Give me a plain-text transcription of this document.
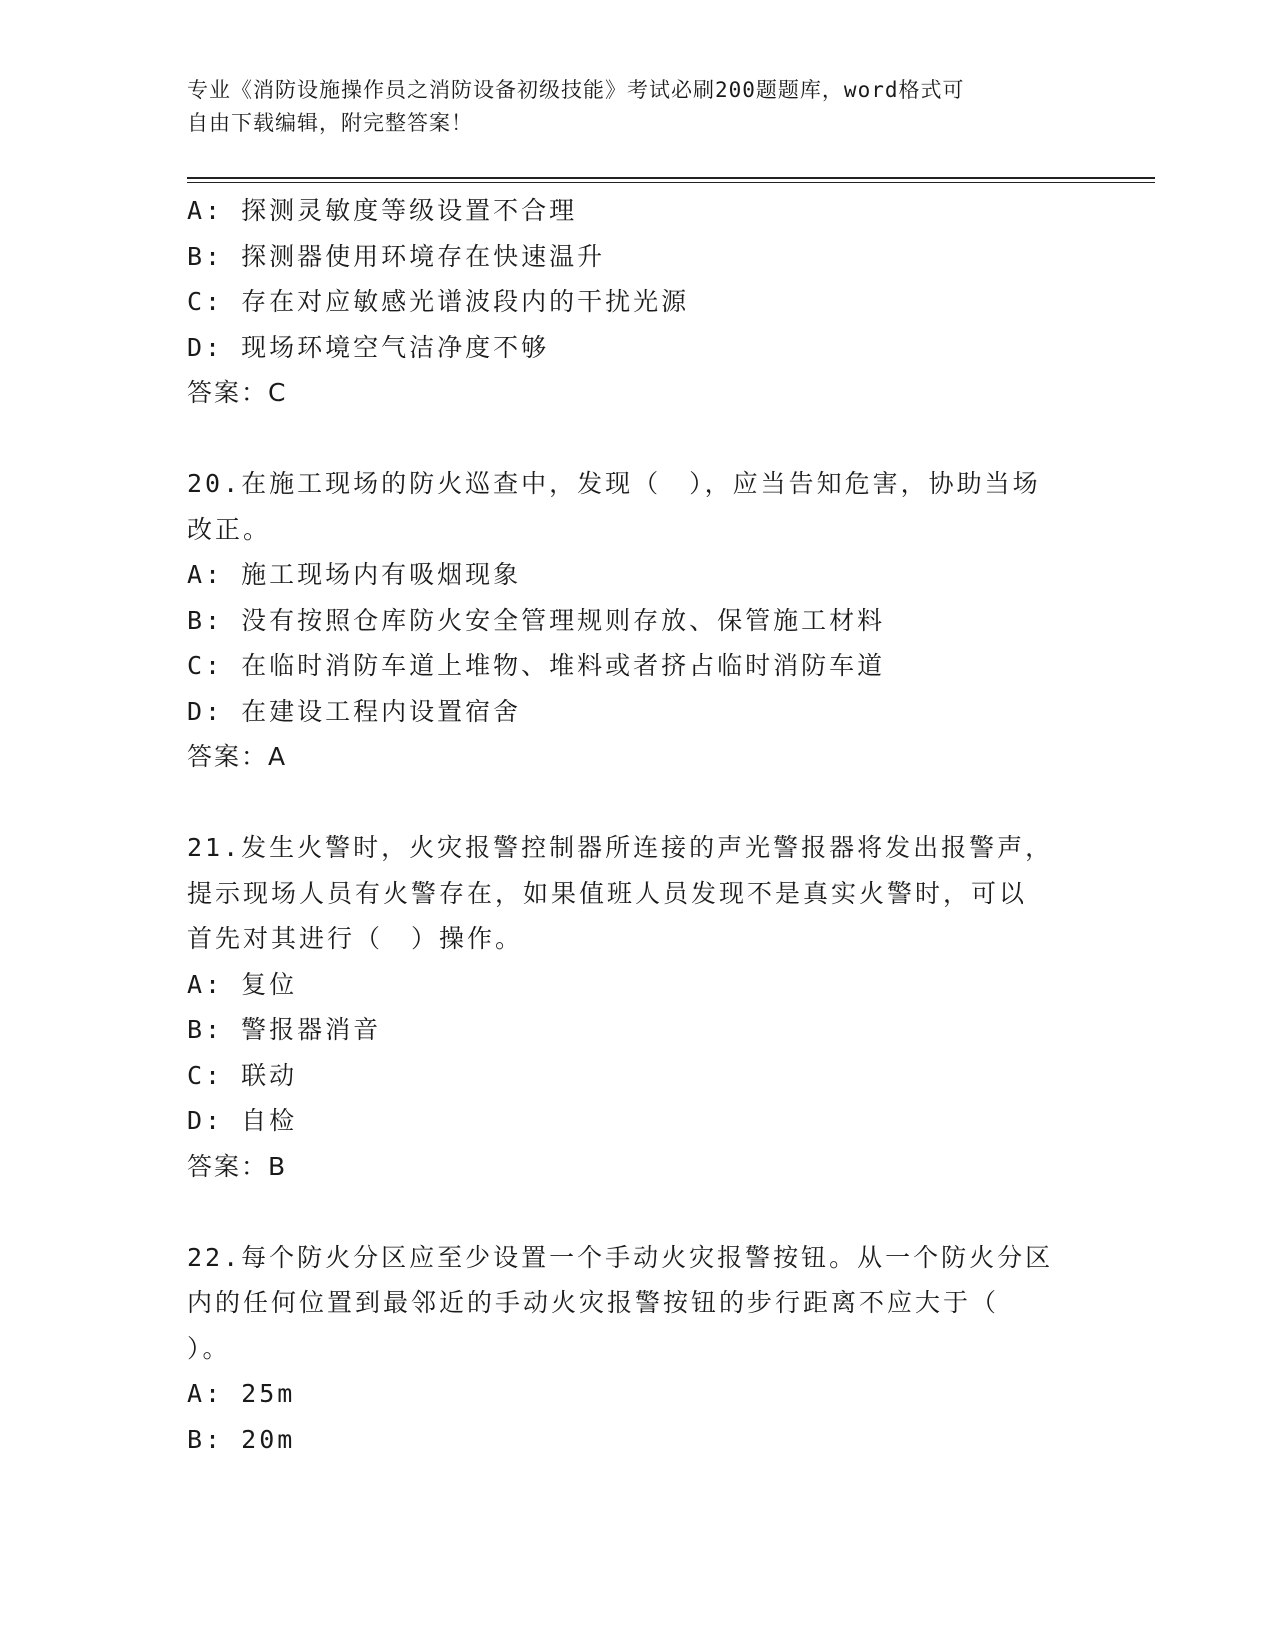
专业《消防设施操作员之消防设备初级技能》考试必刷200题题库，word格式可
自由下载编辑，附完整答案！
A: 探测灵敏度等级设置不合理
B: 探测器使用环境存在快速温升
C: 存在对应敏感光谱波段内的干扰光源
D: 现场环境空气洁净度不够
答案：C
20.在施工现场的防火巡查中，发现（　），应当告知危害，协助当场
改正。
A: 施工现场内有吸烟现象
B: 没有按照仓库防火安全管理规则存放、保管施工材料
C: 在临时消防车道上堆物、堆料或者挤占临时消防车道
D: 在建设工程内设置宿舍
答案：A
21.发生火警时，火灾报警控制器所连接的声光警报器将发出报警声，
提示现场人员有火警存在，如果值班人员发现不是真实火警时，可以
首先对其进行（　）操作。
A: 复位
B: 警报器消音
C: 联动
D: 自检
答案：B
22.每个防火分区应至少设置一个手动火灾报警按钮。从一个防火分区
内的任何位置到最邻近的手动火灾报警按钮的步行距离不应大于（
）。
A: 25m
B: 20m
